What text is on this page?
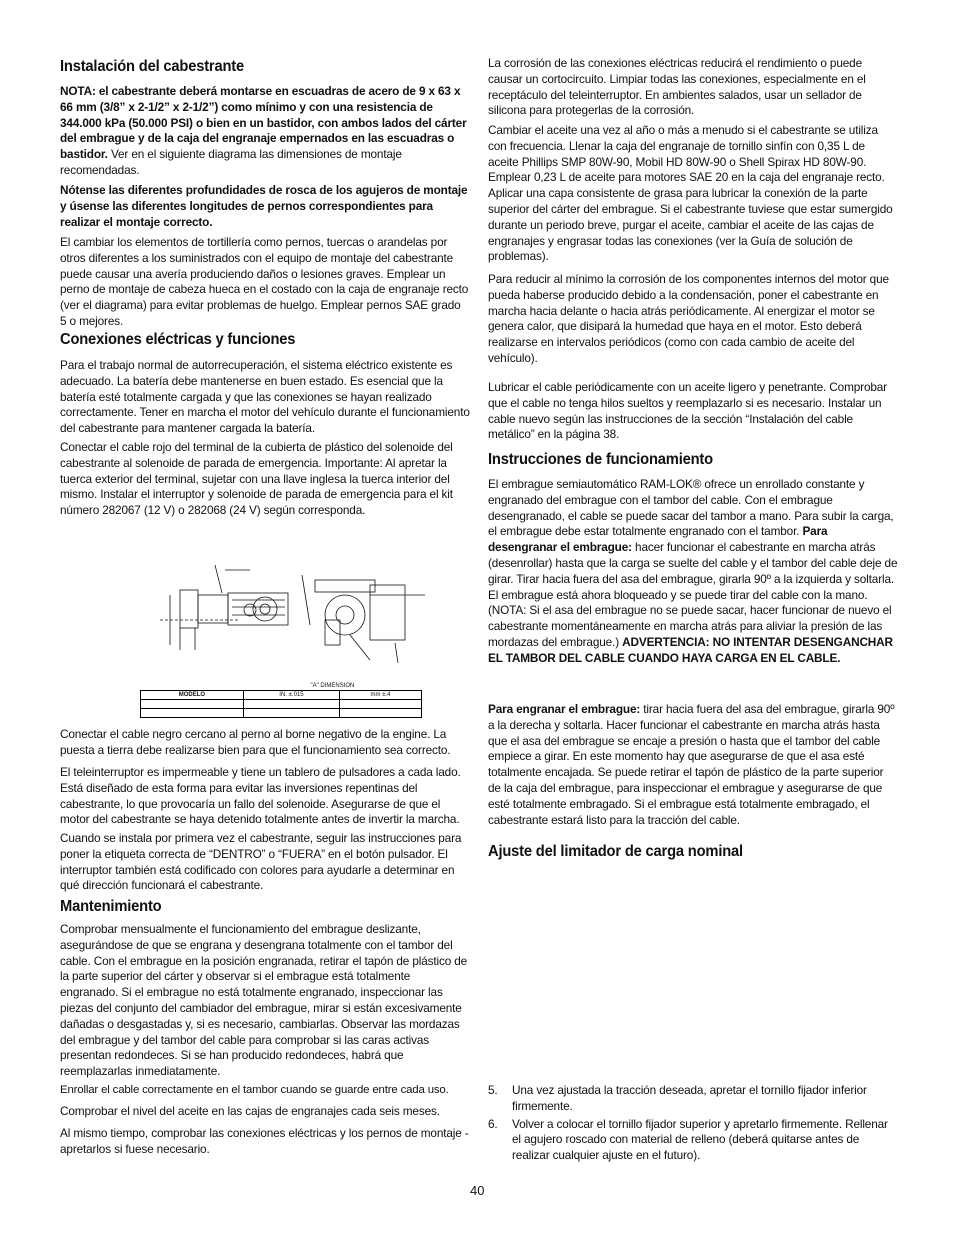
Instalación del cabestrante

NOTA: el cabestrante deberá montarse en escuadras de acero de 9 x 63 x 66 mm (3/8” x 2-1/2” x 2-1/2”) como mínimo y con una resistencia de 344.000 kPa (50.000 PSI) o bien en un bastidor, con ambos lados del cárter del embrague y de la caja del engranaje empernados en las escuadras o bastidor. Ver en el siguiente diagrama las dimensiones de montaje recomendadas.

Nótense las diferentes profundidades de rosca de los agujeros de montaje y úsense las diferentes longitudes de pernos correspondientes para realizar el montaje correcto.

El cambiar los elementos de tortillería como pernos, tuercas o arandelas por otros diferentes a los suministrados con el equipo de montaje del cabestrante puede causar una avería produciendo daños o lesiones graves. Emplear un perno de montaje de cabeza hueca en el costado con la caja de engranaje recto (ver el diagrama) para evitar problemas de huelgo. Emplear pernos SAE grado 5 o mejores.

Conexiones eléctricas y funciones

Para el trabajo normal de autorrecuperación, el sistema eléctrico existente es adecuado. La batería debe mantenerse en buen estado. Es esencial que la batería esté totalmente cargada y que las conexiones se hayan realizado correctamente. Tener en marcha el motor del vehículo durante el funcionamiento del cabestrante para mantener cargada la batería.

Conectar el cable rojo del terminal de la cubierta de plástico del solenoide del cabestrante al solenoide de parada de emergencia. Importante: Al apretar la tuerca exterior del terminal, sujetar con una llave inglesa la tuerca interior del mismo. Instalar el interruptor y solenoide de parada de emergencia para el kit número 282067 (12 V) o 282068 (24 V) según corresponda.

	"A" DIMENSION	
MODELO	IN. ±.015	mm ±.4

Conectar el cable negro cercano al perno al borne negativo de la engine. La puesta a tierra debe realizarse bien para que el funcionamiento sea correcto.

El teleinterruptor es impermeable y tiene un tablero de pulsadores a cada lado. Está diseñado de esta forma para evitar las inversiones repentinas del cabestrante, lo que provocaría un fallo del solenoide. Asegurarse de que el motor del cabestrante se haya detenido totalmente antes de invertir la marcha.

Cuando se instala por primera vez el cabestrante, seguir las instrucciones para poner la etiqueta correcta de “DENTRO” o “FUERA” en el botón pulsador. El interruptor también está codificado con colores para ayudarle a determinar en qué dirección funcionará el cabestrante.

Mantenimiento

Comprobar mensualmente el funcionamiento del embrague deslizante, asegurándose de que se engrana y desengrana totalmente con el tambor del cable. Con el embrague en la posición engranada, retirar el tapón de plástico de la parte superior del cárter y observar si el embrague está totalmente engranado. Si el embrague no está totalmente engranado, inspeccionar las piezas del conjunto del cambiador del embrague, mirar si están excesivamente dañadas o desgastadas y, si es necesario, cambiarlas. Observar las mordazas del embrague y del tambor del cable para comprobar si las caras activas presentan redondeces. Si se han producido redondeces, habrá que reemplazarlas inmediatamente.

Enrollar el cable correctamente en el tambor cuando se guarde entre cada uso.

Comprobar el nivel del aceite en las cajas de engranajes cada seis meses.

Al mismo tiempo, comprobar las conexiones eléctricas y los pernos de montaje - apretarlos si fuese necesario.

La corrosión de las conexiones eléctricas reducirá el rendimiento o puede causar un cortocircuito. Limpiar todas las conexiones, especialmente en el receptáculo del teleinterruptor. En ambientes salados, usar un sellador de silicona para protegerlas de la corrosión.

Cambiar el aceite una vez al año o más a menudo si el cabestrante se utiliza con frecuencia. Llenar la caja del engranaje de tornillo sinfín con 0,35 L de aceite Phillips SMP 80W-90, Mobil HD 80W-90 o Shell Spirax HD 80W-90. Emplear 0,23 L de aceite para motores SAE 20 en la caja del engranaje recto. Aplicar una capa consistente de grasa para lubricar la conexión de la parte superior del cárter del embrague. Si el cabestrante tuviese que estar sumergido durante un periodo breve, purgar el aceite, cambiar el aceite de las cajas de engranajes y engrasar todas las conexiones (ver la Guía de solución de problemas).

Para reducir al mínimo la corrosión de los componentes internos del motor que pueda haberse producido debido a la condensación, poner el cabestrante en marcha hacia delante o hacia atrás periódicamente. Al energizar el motor se genera calor, que disipará la humedad que haya en el motor. Esto deberá realizarse en intervalos periódicos (como con cada cambio de aceite del vehículo).

Lubricar el cable periódicamente con un aceite ligero y penetrante. Comprobar que el cable no tenga hilos sueltos y reemplazarlo si es necesario. Instalar un cable nuevo según las instrucciones de la sección “Instalación del cable metálico” en la página 38.

Instrucciones de funcionamiento

El embrague semiautomático RAM-LOK® ofrece un enrollado constante y engranado del embrague con el tambor del cable. Con el embrague desengranado, el cable se puede sacar del tambor a mano. Para subir la carga, el embrague debe estar totalmente engranado con el tambor. Para desengranar el embrague: hacer funcionar el cabestrante en marcha atrás (desenrollar) hasta que la carga se suelte del cable y el tambor del cable deje de girar. Tirar hacia fuera del asa del embrague, girarla 90º a la izquierda y soltarla. El embrague está ahora bloqueado y se puede tirar del cable con la mano. (NOTA: Si el asa del embrague no se puede sacar, hacer funcionar de nuevo el cabestrante momentáneamente en marcha atrás para aliviar la presión de las mordazas del embrague.) ADVERTENCIA: NO INTENTAR DESENGANCHAR EL TAMBOR DEL CABLE CUANDO HAYA CARGA EN EL CABLE.

Para engranar el embrague: tirar hacia fuera del asa del embrague, girarla 90º a la derecha y soltarla. Hacer funcionar el cabestrante en marcha atrás hasta que el asa del embrague se encaje a presión o hasta que el tambor del cable empiece a girar. En este momento hay que asegurarse de que el asa esté totalmente encajada. Se puede retirar el tapón de plástico de la parte superior de la caja del embrague, para inspeccionar el embrague y asegurarse de que esté totalmente embragado. Si el embrague está totalmente embragado, el cabestrante estará listo para la tracción del cable.

Ajuste del limitador de carga nominal
5.	Una vez ajustada la tracción deseada, apretar el tornillo fijador inferior firmemente.
6.	Volver a colocar el tornillo fijador superior y apretarlo firmemente. Rellenar el agujero roscado con material de relleno (deberá quitarse antes de realizar cualquier ajuste en el futuro).
40
